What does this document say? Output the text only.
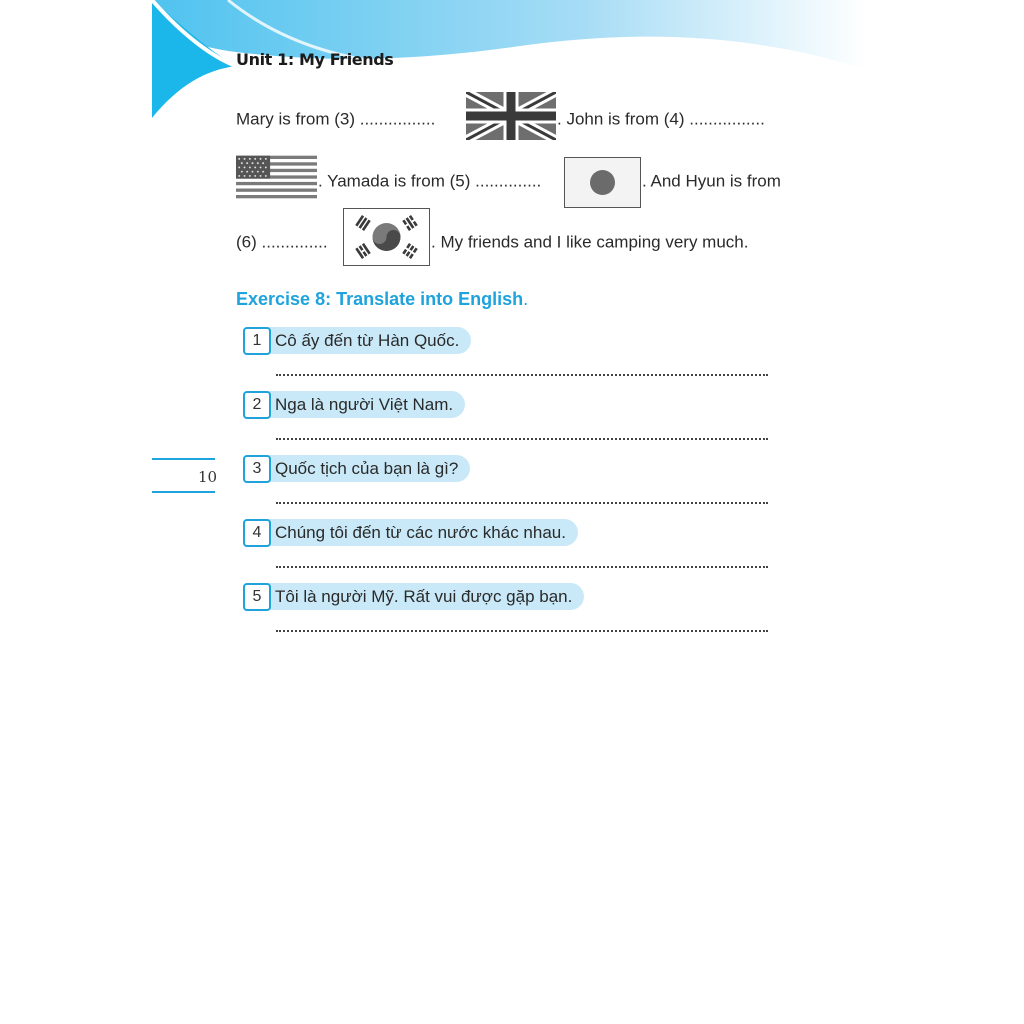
Unit 1: My Friends
Mary is from (3) ................	. John is from (4) ................
. Yamada is from (5) ..............	. And Hyun is from
(6) ..............	. My friends and I like camping very much.
Exercise 8: Translate into English.
1 Cô ấy đến từ Hàn Quốc.
2 Nga là người Việt Nam.
3 Quốc tịch của bạn là gì?
4 Chúng tôi đến từ các nước khác nhau.
5 Tôi là người Mỹ. Rất vui được gặp bạn.
10
